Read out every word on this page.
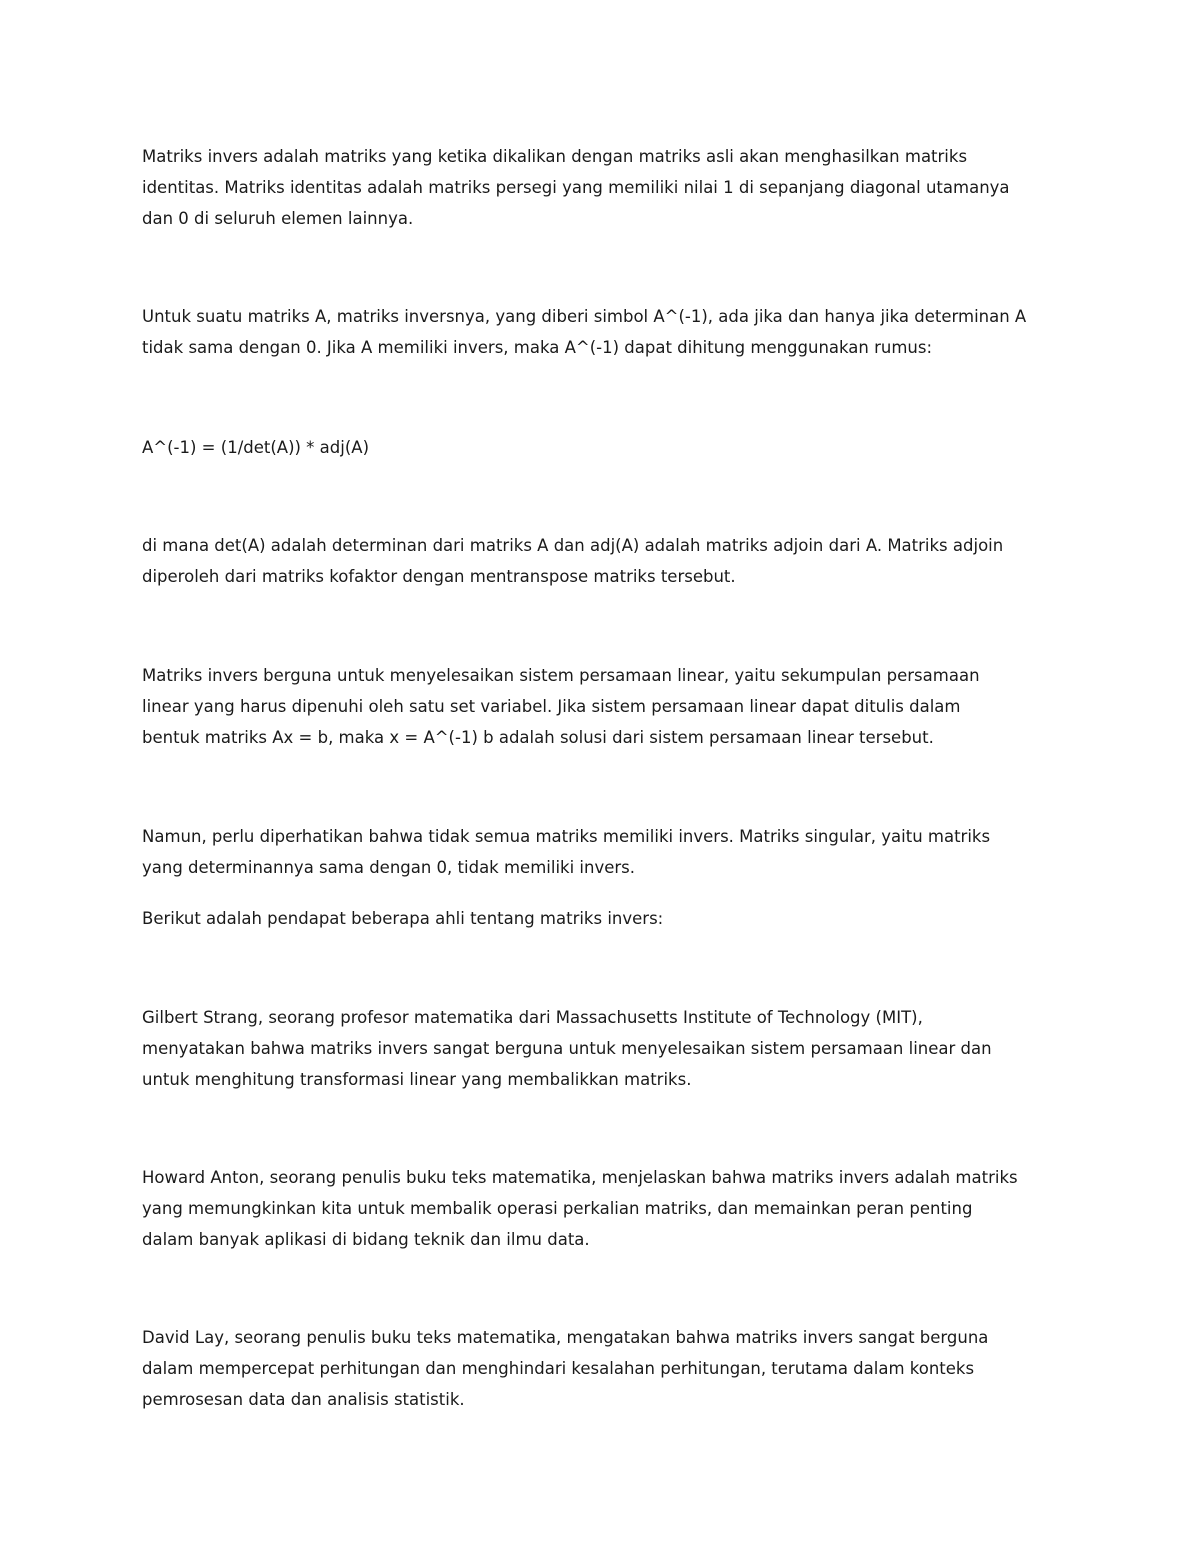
Matriks invers adalah matriks yang ketika dikalikan dengan matriks asli akan menghasilkan matriks
identitas. Matriks identitas adalah matriks persegi yang memiliki nilai 1 di sepanjang diagonal utamanya
dan 0 di seluruh elemen lainnya.

Untuk suatu matriks A, matriks inversnya, yang diberi simbol A^(-1), ada jika dan hanya jika determinan A
tidak sama dengan 0. Jika A memiliki invers, maka A^(-1) dapat dihitung menggunakan rumus:

A^(-1) = (1/det(A)) * adj(A)

di mana det(A) adalah determinan dari matriks A dan adj(A) adalah matriks adjoin dari A. Matriks adjoin
diperoleh dari matriks kofaktor dengan mentranspose matriks tersebut.

Matriks invers berguna untuk menyelesaikan sistem persamaan linear, yaitu sekumpulan persamaan
linear yang harus dipenuhi oleh satu set variabel. Jika sistem persamaan linear dapat ditulis dalam
bentuk matriks Ax = b, maka x = A^(-1) b adalah solusi dari sistem persamaan linear tersebut.

Namun, perlu diperhatikan bahwa tidak semua matriks memiliki invers. Matriks singular, yaitu matriks
yang determinannya sama dengan 0, tidak memiliki invers.

Berikut adalah pendapat beberapa ahli tentang matriks invers:

Gilbert Strang, seorang profesor matematika dari Massachusetts Institute of Technology (MIT),
menyatakan bahwa matriks invers sangat berguna untuk menyelesaikan sistem persamaan linear dan
untuk menghitung transformasi linear yang membalikkan matriks.

Howard Anton, seorang penulis buku teks matematika, menjelaskan bahwa matriks invers adalah matriks
yang memungkinkan kita untuk membalik operasi perkalian matriks, dan memainkan peran penting
dalam banyak aplikasi di bidang teknik dan ilmu data.

David Lay, seorang penulis buku teks matematika, mengatakan bahwa matriks invers sangat berguna
dalam mempercepat perhitungan dan menghindari kesalahan perhitungan, terutama dalam konteks
pemrosesan data dan analisis statistik.
